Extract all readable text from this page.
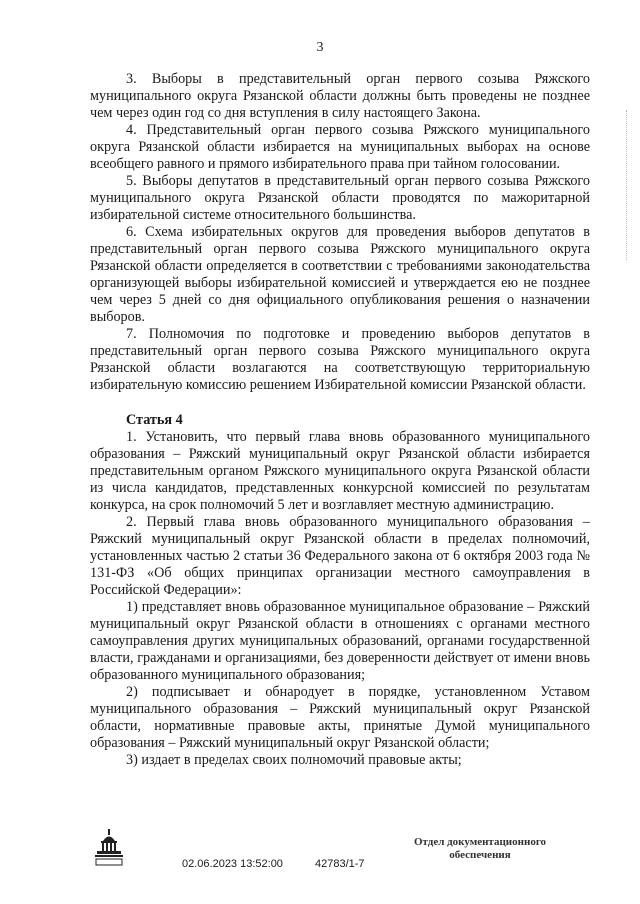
3

3. Выборы в представительный орган первого созыва Ряжского муниципального округа Рязанской области должны быть проведены не позднее чем через один год со дня вступления в силу настоящего Закона.

4. Представительный орган первого созыва Ряжского муниципального округа Рязанской области избирается на муниципальных выборах на основе всеобщего равного и прямого избирательного права при тайном голосовании.

5. Выборы депутатов в представительный орган первого созыва Ряжского муниципального округа Рязанской области проводятся по мажоритарной избирательной системе относительного большинства.

6. Схема избирательных округов для проведения выборов депутатов в представительный орган первого созыва Ряжского муниципального округа Рязанской области определяется в соответствии с требованиями законодательства организующей выборы избирательной комиссией и утверждается ею не позднее чем через 5 дней со дня официального опубликования решения о назначении выборов.

7. Полномочия по подготовке и проведению выборов депутатов в представительный орган первого созыва Ряжского муниципального округа Рязанской области возлагаются на соответствующую территориальную избирательную комиссию решением Избирательной комиссии Рязанской области.

Статья 4

1. Установить, что первый глава вновь образованного муниципального образования – Ряжский муниципальный округ Рязанской области избирается представительным органом Ряжского муниципального округа Рязанской области из числа кандидатов, представленных конкурсной комиссией по результатам конкурса, на срок полномочий 5 лет и возглавляет местную администрацию.

2. Первый глава вновь образованного муниципального образования – Ряжский муниципальный округ Рязанской области в пределах полномочий, установленных частью 2 статьи 36 Федерального закона от 6 октября 2003 года № 131-ФЗ «Об общих принципах организации местного самоуправления в Российской Федерации»:

1) представляет вновь образованное муниципальное образование – Ряжский муниципальный округ Рязанской области в отношениях с органами местного самоуправления других муниципальных образований, органами государственной власти, гражданами и организациями, без доверенности действует от имени вновь образованного муниципального образования;

2) подписывает и обнародует в порядке, установленном Уставом муниципального образования – Ряжский муниципальный округ Рязанской области, нормативные правовые акты, принятые Думой муниципального образования – Ряжский муниципальный округ Рязанской области;

3) издает в пределах своих полномочий правовые акты;

Отдел документационного обеспечения
02.06.2023 13:52:00	42783/1-7
